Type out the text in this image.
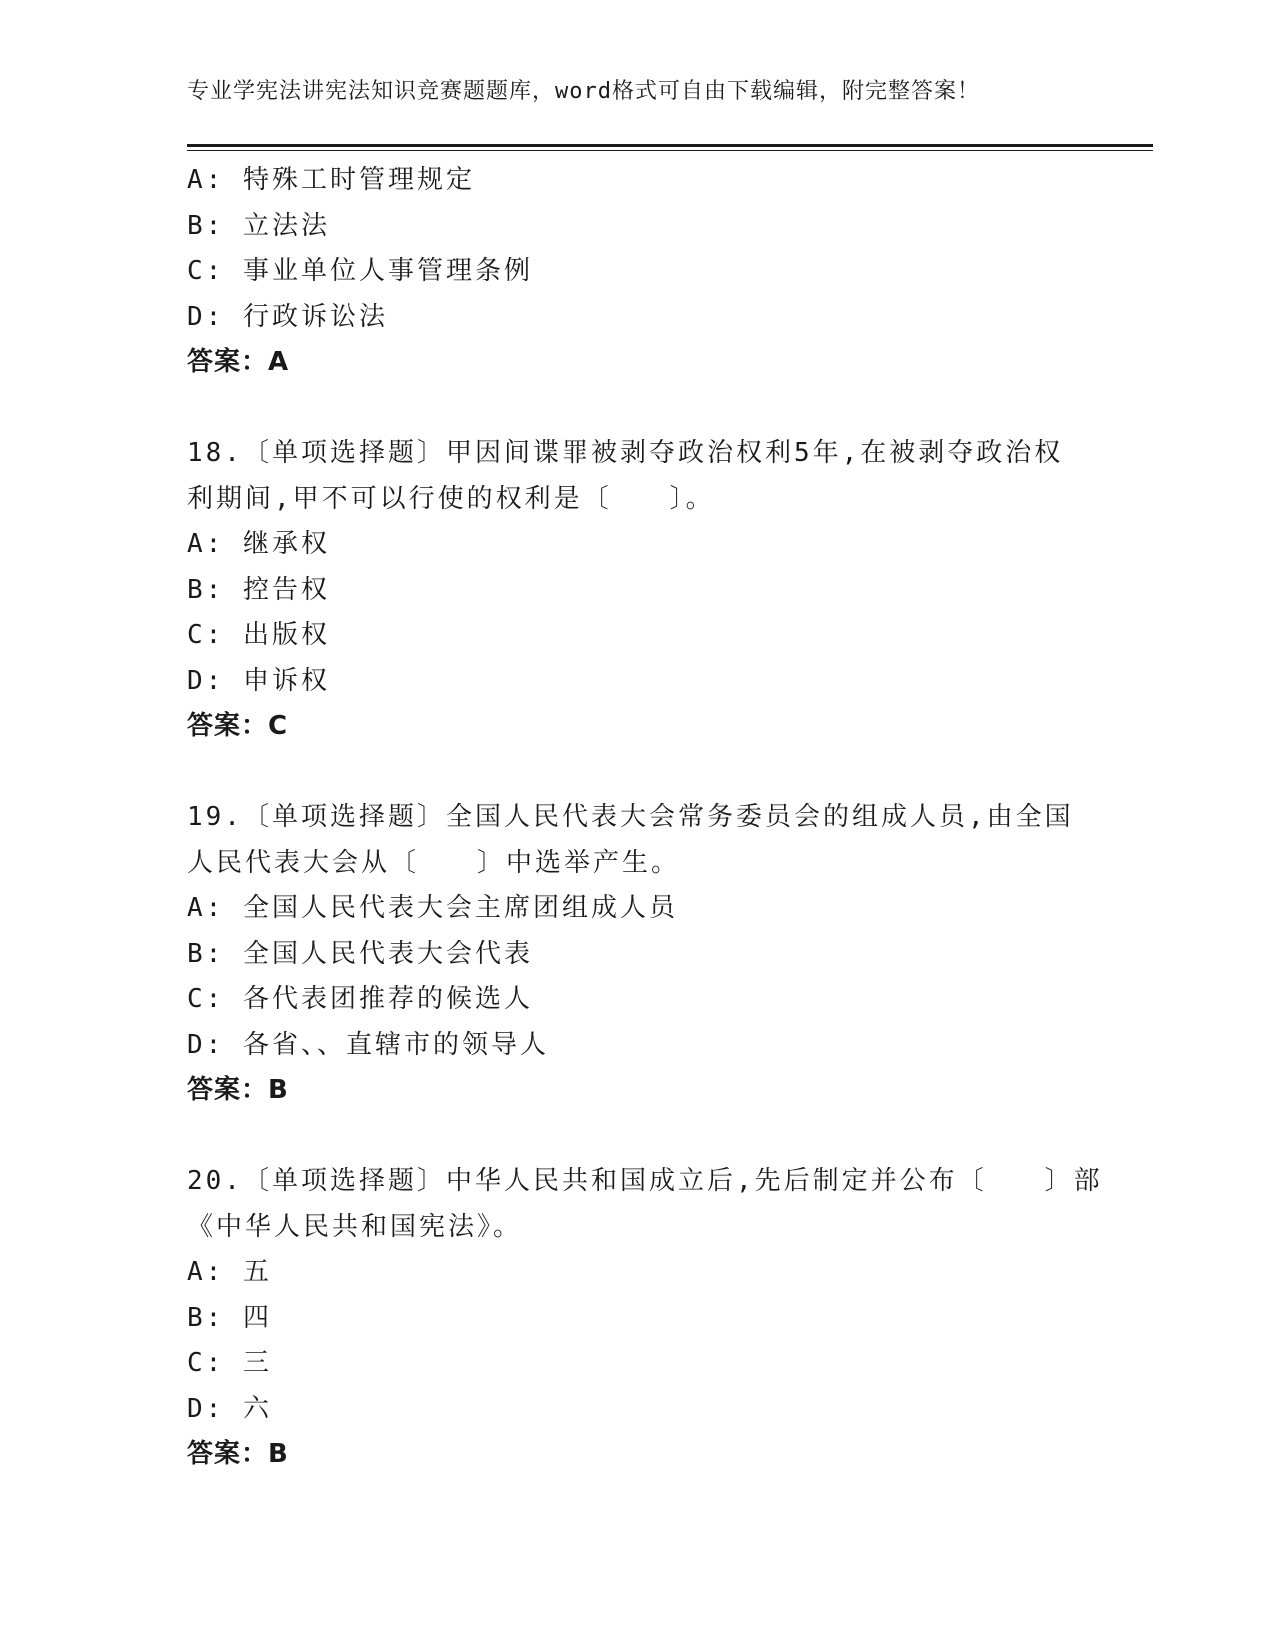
专业学宪法讲宪法知识竞赛题题库，word格式可自由下载编辑，附完整答案！
A: 特殊工时管理规定
B: 立法法
C: 事业单位人事管理条例
D: 行政诉讼法
答案：A
18.〔单项选择题〕甲因间谍罪被剥夺政治权利5年,在被剥夺政治权
利期间,甲不可以行使的权利是〔　　〕。
A: 继承权
B: 控告权
C: 出版权
D: 申诉权
答案：C
19.〔单项选择题〕全国人民代表大会常务委员会的组成人员,由全国
人民代表大会从〔　　〕中选举产生。
A: 全国人民代表大会主席团组成人员
B: 全国人民代表大会代表
C: 各代表团推荐的候选人
D: 各省、、直辖市的领导人
答案：B
20.〔单项选择题〕中华人民共和国成立后,先后制定并公布〔　　〕部
《中华人民共和国宪法》。
A: 五
B: 四
C: 三
D: 六
答案：B
